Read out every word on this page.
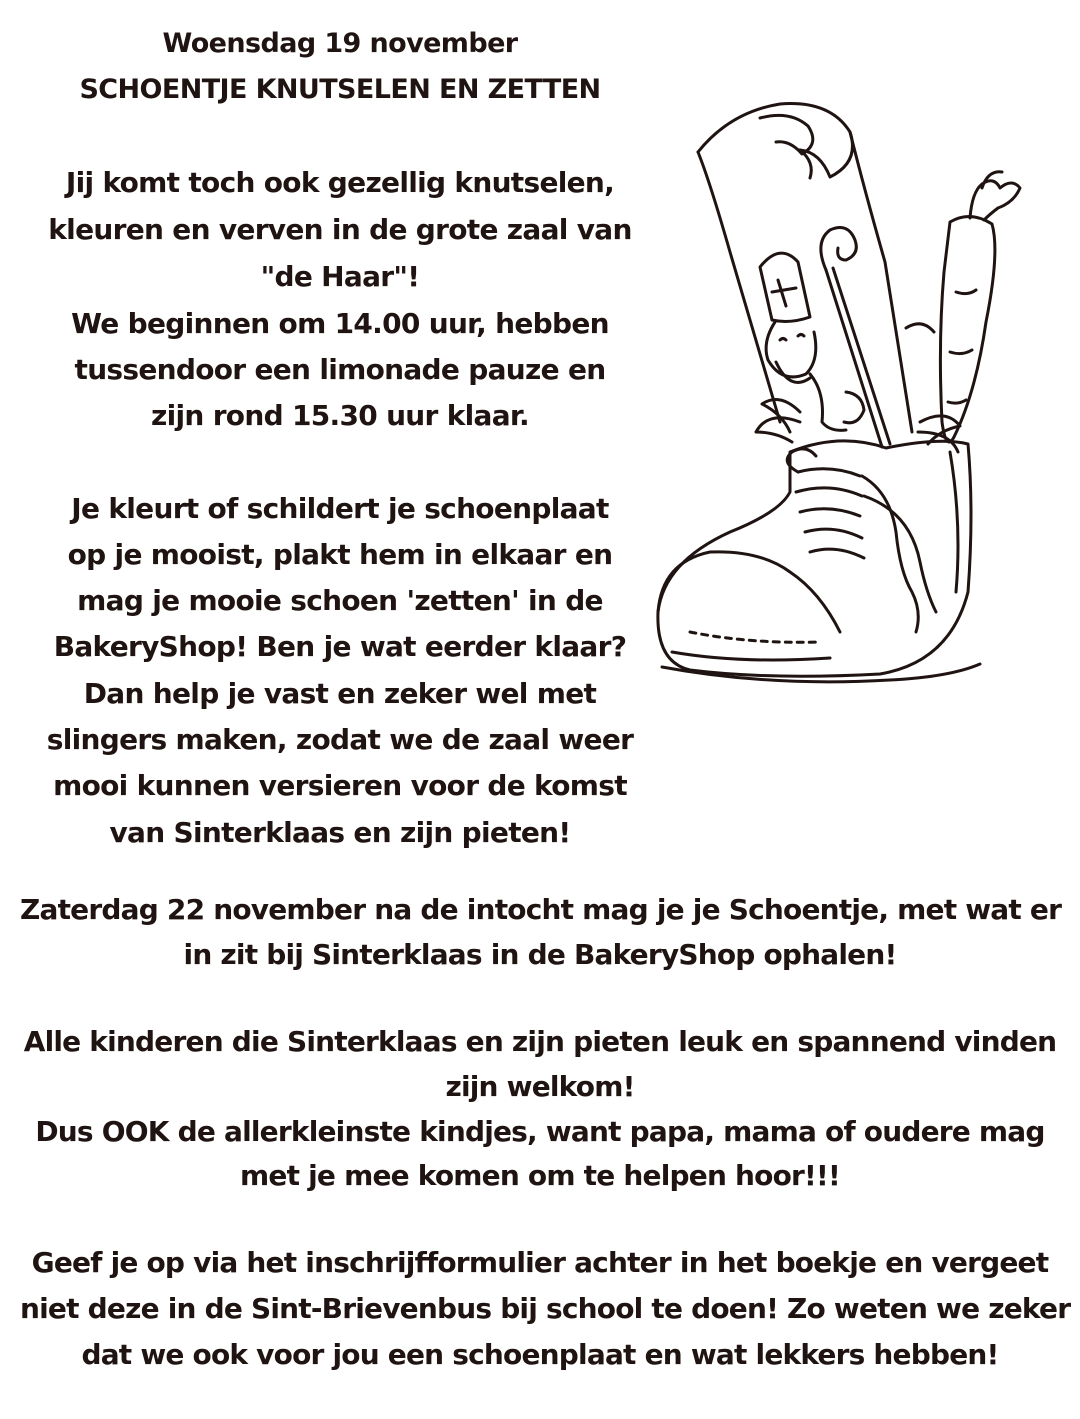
Woensdag 19 november
SCHOENTJE KNUTSELEN EN ZETTEN
Jij komt toch ook gezellig knutselen,
kleuren en verven in de grote zaal van
"de Haar"!
We beginnen om 14.00 uur, hebben
tussendoor een limonade pauze en
zijn rond 15.30 uur klaar.
Je kleurt of schildert je schoenplaat
op je mooist, plakt hem in elkaar en
mag je mooie schoen 'zetten' in de
BakeryShop! Ben je wat eerder klaar?
Dan help je vast en zeker wel met
slingers maken, zodat we de zaal weer
mooi kunnen versieren voor de komst
van Sinterklaas en zijn pieten!
Zaterdag 22 november na de intocht mag je je Schoentje, met wat er
in zit bij Sinterklaas in de BakeryShop ophalen!
Alle kinderen die Sinterklaas en zijn pieten leuk en spannend vinden
zijn welkom!
Dus OOK de allerkleinste kindjes, want papa, mama of oudere mag
met je mee komen om te helpen hoor!!!
Geef je op via het inschrijfformulier achter in het boekje en vergeet
niet deze in de Sint-Brievenbus bij school te doen! Zo weten we zeker
dat we ook voor jou een schoenplaat en wat lekkers hebben!
